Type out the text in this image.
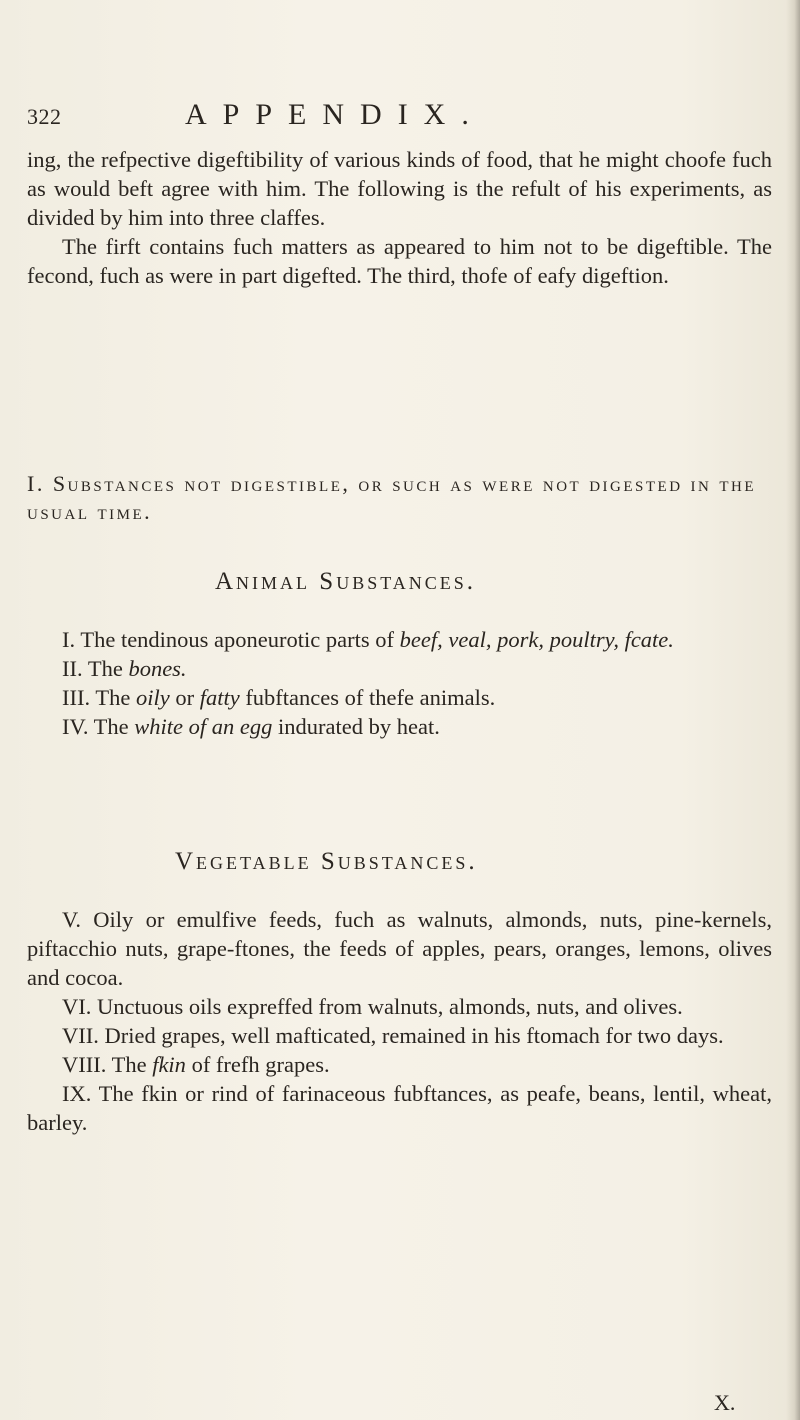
322	APPENDIX.

ing, the refpective digeftibility of various kinds of food, that he might choofe fuch as would beft agree with him. The following is the refult of his experiments, as divided by him into three claffes.

The firft contains fuch matters as appeared to him not to be digeftible. The fecond, fuch as were in part digefted. The third, thofe of eafy digeftion.

I. Substances not digestible, or such as were not digested in the usual time.

Animal Substances.

I. The tendinous aponeurotic parts of beef, veal, pork, poultry, fcate.

II. The bones.

III. The oily or fatty fubftances of thefe animals.

IV. The white of an egg indurated by heat.

Vegetable Substances.

V. Oily or emulfive feeds, fuch as walnuts, almonds, nuts, pine-kernels, piftacchio nuts, grape-ftones, the feeds of apples, pears, oranges, lemons, olives and cocoa.

VI. Unctuous oils expreffed from walnuts, almonds, nuts, and olives.

VII. Dried grapes, well mafticated, remained in his ftomach for two days.

VIII. The fkin of frefh grapes.

IX. The fkin or rind of farinaceous fubftances, as peafe, beans, lentil, wheat, barley.

X.
